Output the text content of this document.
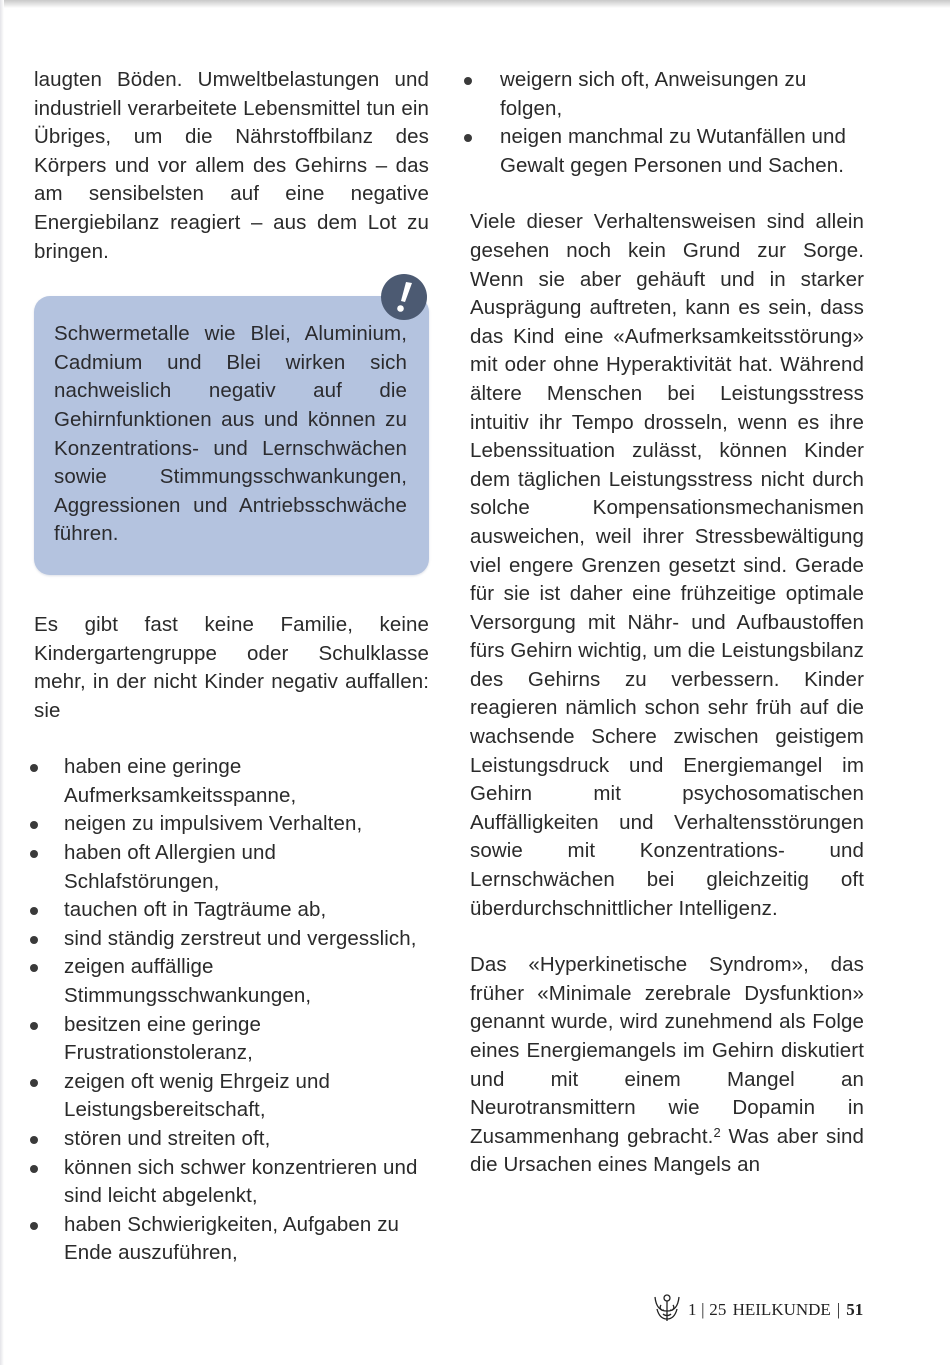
laugten Böden. Umweltbelastungen und industriell verarbeitete Lebensmittel tun ein Übriges, um die Nährstoffbilanz des Körpers und vor allem des Gehirns – das am sensibelsten auf eine negative Energiebilanz reagiert – aus dem Lot zu bringen.

Schwermetalle wie Blei, Aluminium, Cadmium und Blei wirken sich nachweislich negativ auf die Gehirnfunktionen aus und können zu Konzentrations- und Lernschwächen sowie Stimmungsschwankungen, Aggressionen und Antriebsschwäche führen.

Es gibt fast keine Familie, keine Kindergartengruppe oder Schulklasse mehr, in der nicht Kinder negativ auffallen: sie

haben eine geringe Aufmerksamkeitsspanne,
neigen zu impulsivem Verhalten,
haben oft Allergien und Schlafstörungen,
tauchen oft in Tagträume ab,
sind ständig zerstreut und vergesslich,
zeigen auffällige Stimmungsschwankungen,
besitzen eine geringe Frustrationstoleranz,
zeigen oft wenig Ehrgeiz und Leistungsbereitschaft,
stören und streiten oft,
können sich schwer konzentrieren und sind leicht abgelenkt,
haben Schwierigkeiten, Aufgaben zu Ende auszuführen,
weigern sich oft, Anweisungen zu folgen,
neigen manchmal zu Wutanfällen und Gewalt gegen Personen und Sachen.

Viele dieser Verhaltensweisen sind allein gesehen noch kein Grund zur Sorge. Wenn sie aber gehäuft und in starker Ausprägung auftreten, kann es sein, dass das Kind eine «Aufmerksamkeitsstörung» mit oder ohne Hyperaktivität hat. Während ältere Menschen bei Leistungsstress intuitiv ihr Tempo drosseln, wenn es ihre Lebenssituation zulässt, können Kinder dem täglichen Leistungsstress nicht durch solche Kompensationsmechanismen ausweichen, weil ihrer Stressbewältigung viel engere Grenzen gesetzt sind. Gerade für sie ist daher eine frühzeitige optimale Versorgung mit Nähr- und Aufbaustoffen fürs Gehirn wichtig, um die Leistungsbilanz des Gehirns zu verbessern. Kinder reagieren nämlich schon sehr früh auf die wachsende Schere zwischen geistigem Leistungsdruck und Energiemangel im Gehirn mit psychosomatischen Auffälligkeiten und Verhaltensstörungen sowie mit Konzentrations- und Lernschwächen bei gleichzeitig oft überdurchschnittlicher Intelligenz.

Das «Hyperkinetische Syndrom», das früher «Minimale zerebrale Dysfunktion» genannt wurde, wird zunehmend als Folge eines Energiemangels im Gehirn diskutiert und mit einem Mangel an Neurotransmittern wie Dopamin in Zusammenhang gebracht.$^2$ Was aber sind die Ursachen eines Mangels an

1 | 25 HEILKUNDE | 51
